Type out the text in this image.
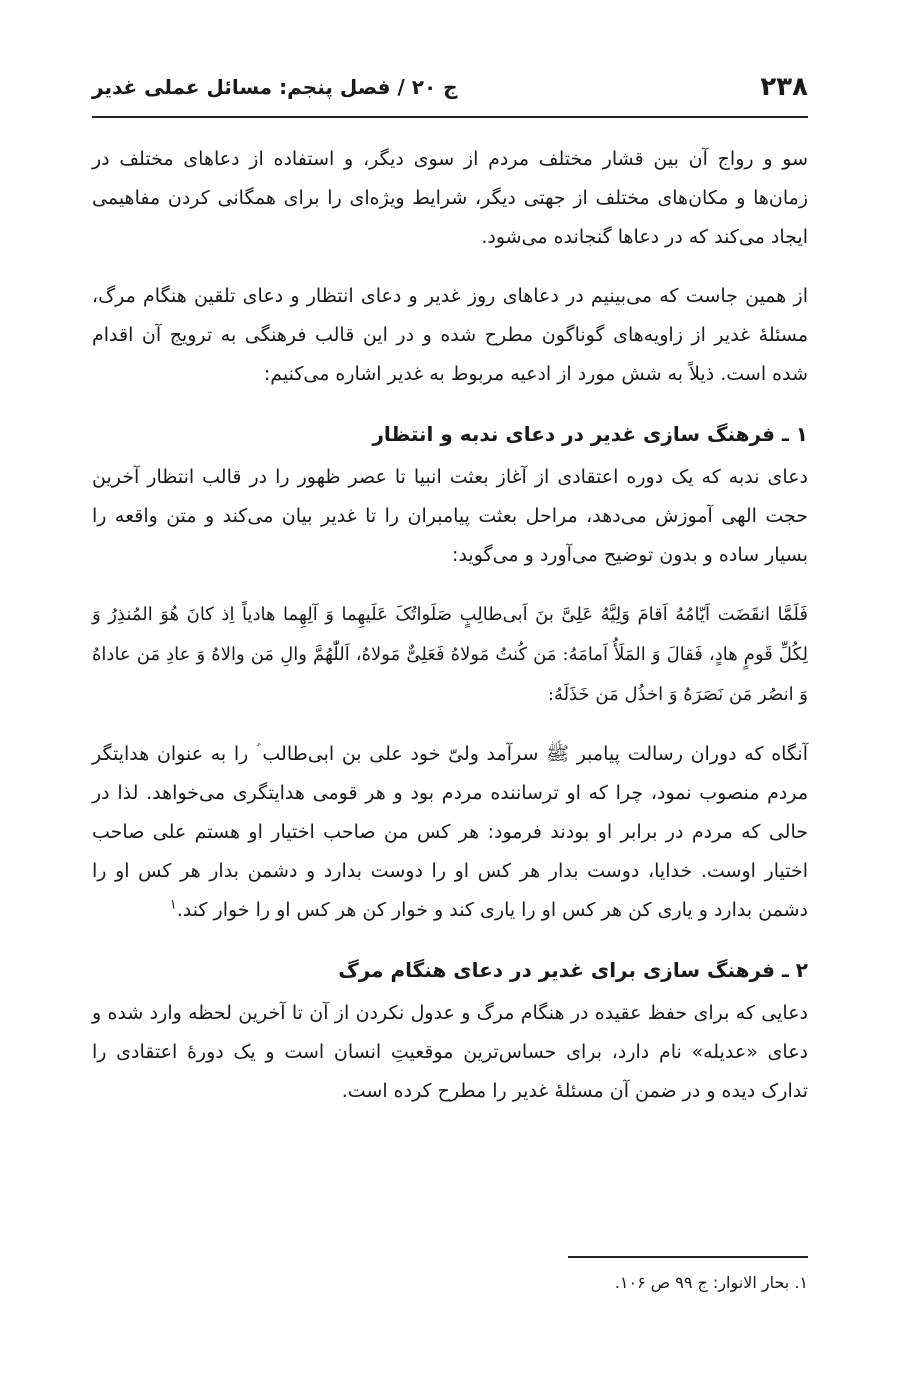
۲۳۸
ج ۲۰ / فصل پنجم: مسائل عملی غدیر

سو و رواج آن بین قشار مختلف مردم از سوی دیگر، و استفاده از دعاهای مختلف در زمان‌ها و مکان‌های مختلف از جهتی دیگر، شرایط ویژه‌ای را برای همگانی کردن مفاهیمی ایجاد می‌کند که در دعاها گنجانده می‌شود.

از همین جاست که می‌بینیم در دعاهای روز غدیر و دعای انتظار و دعای تلقین هنگام مرگ، مسئلهٔ غدیر از زاویه‌های گوناگون مطرح شده و در این قالب فرهنگی به ترویج آن اقدام شده است. ذیلاً به شش مورد از ادعیه مربوط به غدیر اشاره می‌کنیم:

۱ ـ فرهنگ سازی غدیر در دعای ندبه و انتظار

دعای ندبه که یک دوره اعتقادی از آغاز بعثت انبیا تا عصر ظهور را در قالب انتظار آخرین حجت الهی آموزش می‌دهد، مراحل بعثت پیامبران را تا غدیر بیان می‌کند و متن واقعه را بسیار ساده و بدون توضیح می‌آورد و می‌گوید:

فَلَمَّا انقَضَت اَیّامُهُ اَقامَ وَلِیَّهُ عَلِیَّ بنَ اَبی‌طالِبٍ صَلَواتُکَ عَلَیهِما وَ آلِهِما هادیاً اِذ کانَ هُوَ المُنذِرُ وَ لِکُلِّ قَومٍ هادٍ، فَقالَ وَ المَلَأُ اَمامَهُ: مَن کُنتُ مَولاهُ فَعَلِیٌّ مَولاهُ، اَللّٰهُمَّ والِ مَن والاهُ وَ عادِ مَن عاداهُ وَ انصُر مَن نَصَرَهُ وَ اخذُل مَن خَذَلَهُ:

آنگاه که دوران رسالت پیامبر ﷺ سرآمد ولیّ خود علی بن ابی‌طالب ؑ را به عنوان هدایتگر مردم منصوب نمود، چرا که او ترساننده مردم بود و هر قومی هدایتگری می‌خواهد. لذا در حالی که مردم در برابر او بودند فرمود: هر کس من صاحب اختیار او هستم علی صاحب اختیار اوست. خدایا، دوست بدار هر کس او را دوست بدارد و دشمن بدار هر کس او را دشمن بدارد و یاری کن هر کس او را یاری کند و خوار کن هر کس او را خوار کند.$^۱$

۲ ـ فرهنگ سازی برای غدیر در دعای هنگام مرگ

دعایی که برای حفظ عقیده در هنگام مرگ و عدول نکردن از آن تا آخرین لحظه وارد شده و دعای «عدیله» نام دارد، برای حساس‌ترین موقعیتِ انسان است و یک دورهٔ اعتقادی را تدارک دیده و در ضمن آن مسئلهٔ غدیر را مطرح کرده است.

۱. بحار الانوار: ج ۹۹ ص ۱۰۶.
